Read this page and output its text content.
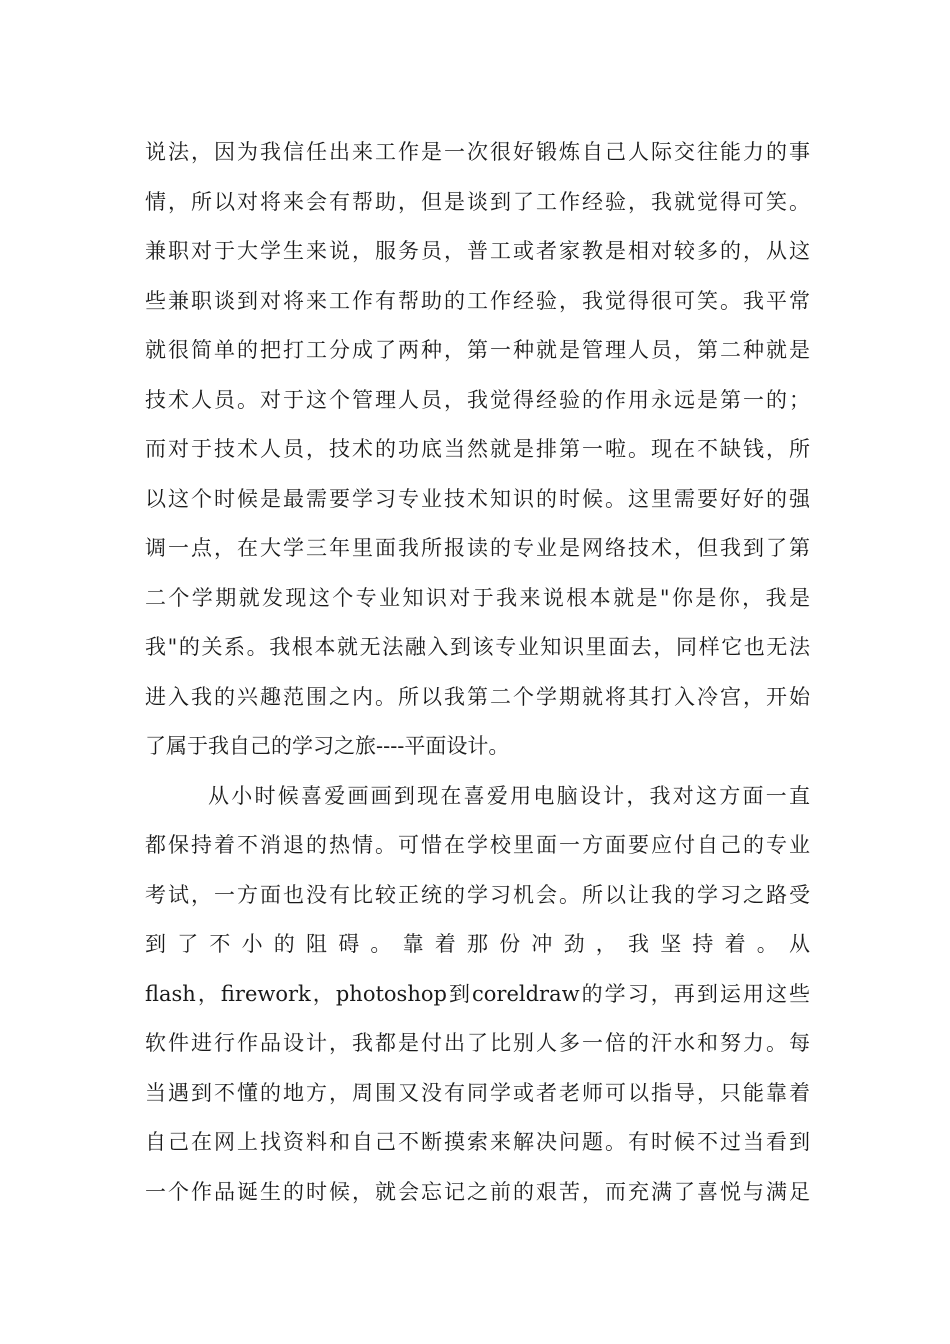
说法，因为我信任出来工作是一次很好锻炼自己人际交往能力的事
情，所以对将来会有帮助，但是谈到了工作经验，我就觉得可笑。
兼职对于大学生来说，服务员，普工或者家教是相对较多的，从这
些兼职谈到对将来工作有帮助的工作经验，我觉得很可笑。我平常
就很简单的把打工分成了两种，第一种就是管理人员，第二种就是
技术人员。对于这个管理人员，我觉得经验的作用永远是第一的；
而对于技术人员，技术的功底当然就是排第一啦。现在不缺钱，所
以这个时候是最需要学习专业技术知识的时候。这里需要好好的强
调一点，在大学三年里面我所报读的专业是网络技术，但我到了第
二个学期就发现这个专业知识对于我来说根本就是"你是你，我是
我"的关系。我根本就无法融入到该专业知识里面去，同样它也无法
进入我的兴趣范围之内。所以我第二个学期就将其打入冷宫，开始
了属于我自己的学习之旅----平面设计。
从小时候喜爱画画到现在喜爱用电脑设计，我对这方面一直
都保持着不消退的热情。可惜在学校里面一方面要应付自己的专业
考试，一方面也没有比较正统的学习机会。所以让我的学习之路受
到了不小的阻碍。靠着那份冲劲，我坚持着。从
flash，firework，photoshop到coreldraw的学习，再到运用这些
软件进行作品设计，我都是付出了比别人多一倍的汗水和努力。每
当遇到不懂的地方，周围又没有同学或者老师可以指导，只能靠着
自己在网上找资料和自己不断摸索来解决问题。有时候不过当看到
一个作品诞生的时候，就会忘记之前的艰苦，而充满了喜悦与满足
